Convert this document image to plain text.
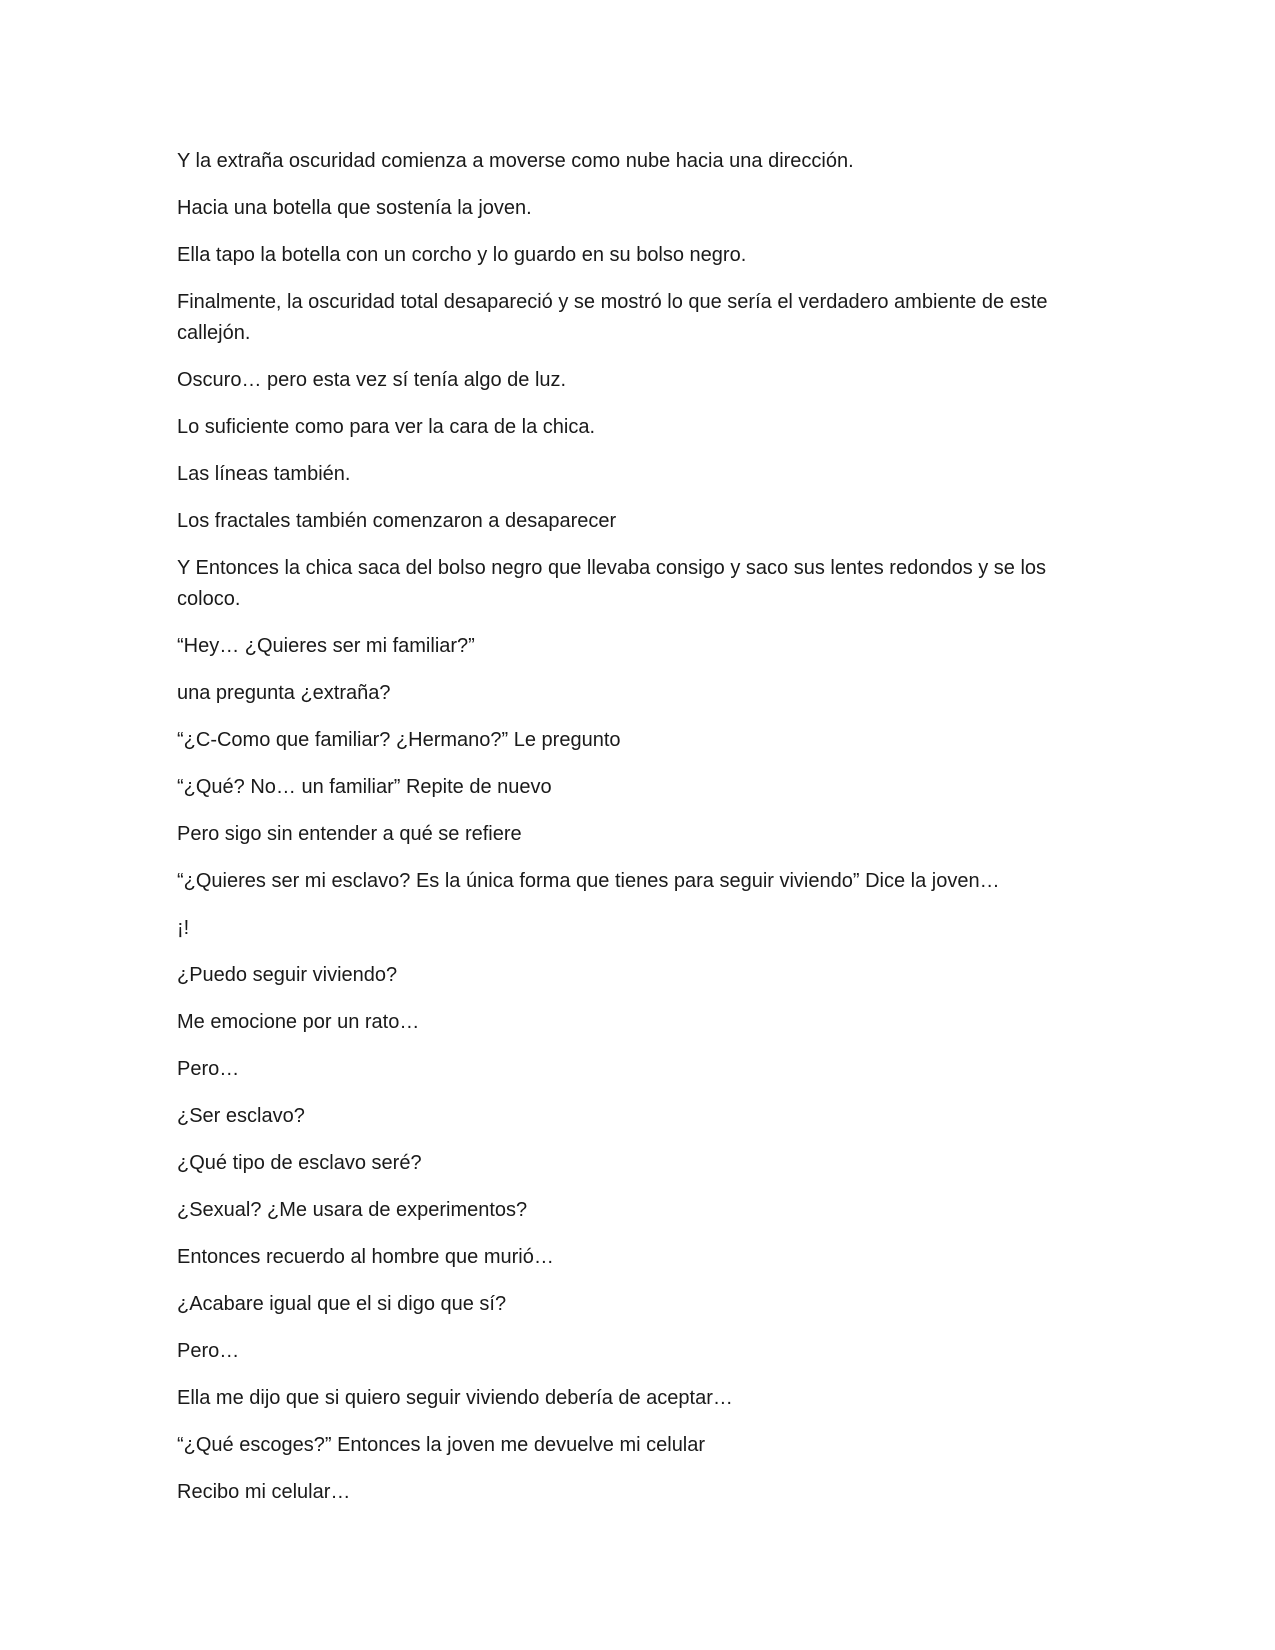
Y la extraña oscuridad comienza a moverse como nube hacia una dirección.

Hacia una botella que sostenía la joven.

Ella tapo la botella con un corcho y lo guardo en su bolso negro.

Finalmente, la oscuridad total desapareció y se mostró lo que sería el verdadero ambiente de este callejón.

Oscuro… pero esta vez sí tenía algo de luz.

Lo suficiente como para ver la cara de la chica.

Las líneas también.

Los fractales también comenzaron a desaparecer

Y Entonces la chica saca del bolso negro que llevaba consigo y saco sus lentes redondos y se los coloco.

“Hey… ¿Quieres ser mi familiar?”

una pregunta ¿extraña?

“¿C-Como que familiar? ¿Hermano?” Le pregunto

“¿Qué? No… un familiar” Repite de nuevo

Pero sigo sin entender a qué se refiere

“¿Quieres ser mi esclavo? Es la única forma que tienes para seguir viviendo” Dice la joven…

¡!

¿Puedo seguir viviendo?

Me emocione por un rato…

Pero…

¿Ser esclavo?

¿Qué tipo de esclavo seré?

¿Sexual? ¿Me usara de experimentos?

Entonces recuerdo al hombre que murió…

¿Acabare igual que el si digo que sí?

Pero…

Ella me dijo que si quiero seguir viviendo debería de aceptar…

“¿Qué escoges?” Entonces la joven me devuelve mi celular

Recibo mi celular…
